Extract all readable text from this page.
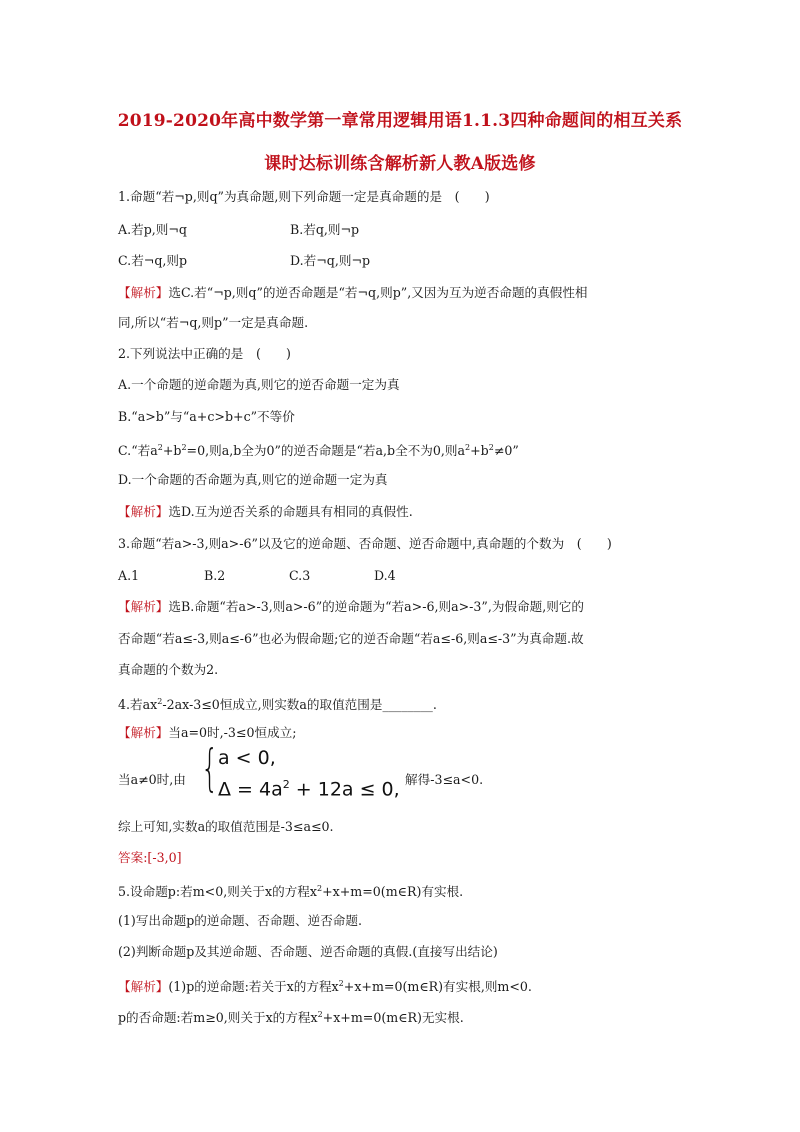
2019-2020年高中数学第一章常用逻辑用语1.1.3四种命题间的相互关系
课时达标训练含解析新人教A版选修
1.命题“若¬p,则q”为真命题,则下列命题一定是真命题的是　(　　)
A.若p,则¬q	B.若q,则¬p
C.若¬q,则p	D.若¬q,则¬p
【解析】选C.若“¬p,则q”的逆否命题是“若¬q,则p”,又因为互为逆否命题的真假性相
同,所以“若¬q,则p”一定是真命题.
2.下列说法中正确的是　(　　)
A.一个命题的逆命题为真,则它的逆否命题一定为真
B.“a>b”与“a+c>b+c”不等价
C.“若$a^2+b^2=0$,则a,b全为0”的逆否命题是“若a,b全不为0,则$a^2+b^2\ne 0$”
D.一个命题的否命题为真,则它的逆命题一定为真
【解析】选D.互为逆否关系的命题具有相同的真假性.
3.命题“若a>-3,则a>-6”以及它的逆命题、否命题、逆否命题中,真命题的个数为　(　　)
A.1	B.2	C.3	D.4
【解析】选B.命题“若a>-3,则a>-6”的逆命题为“若a>-6,则a>-3”,为假命题,则它的
否命题“若a≤-3,则a≤-6”也必为假命题;它的逆否命题“若a≤-6,则a≤-3”为真命题.故
真命题的个数为2.
4.若$ax^2-2ax-3\le 0$恒成立,则实数a的取值范围是________.
【解析】当a=0时,-3≤0恒成立;
当a≠0时,由 { a < 0,
$\Delta = 4a^2 + 12a \le 0$, 解得-3≤a<0.
综上可知,实数a的取值范围是-3≤a≤0.
答案:[-3,0]
5.设命题p:若m<0,则关于x的方程$x^2+x+m=0(m\in R)$有实根.
(1)写出命题p的逆命题、否命题、逆否命题.
(2)判断命题p及其逆命题、否命题、逆否命题的真假.(直接写出结论)
【解析】(1)p的逆命题:若关于x的方程$x^2+x+m=0(m\in R)$有实根,则m<0.
p的否命题:若m≥0,则关于x的方程$x^2+x+m=0(m\in R)$无实根.
